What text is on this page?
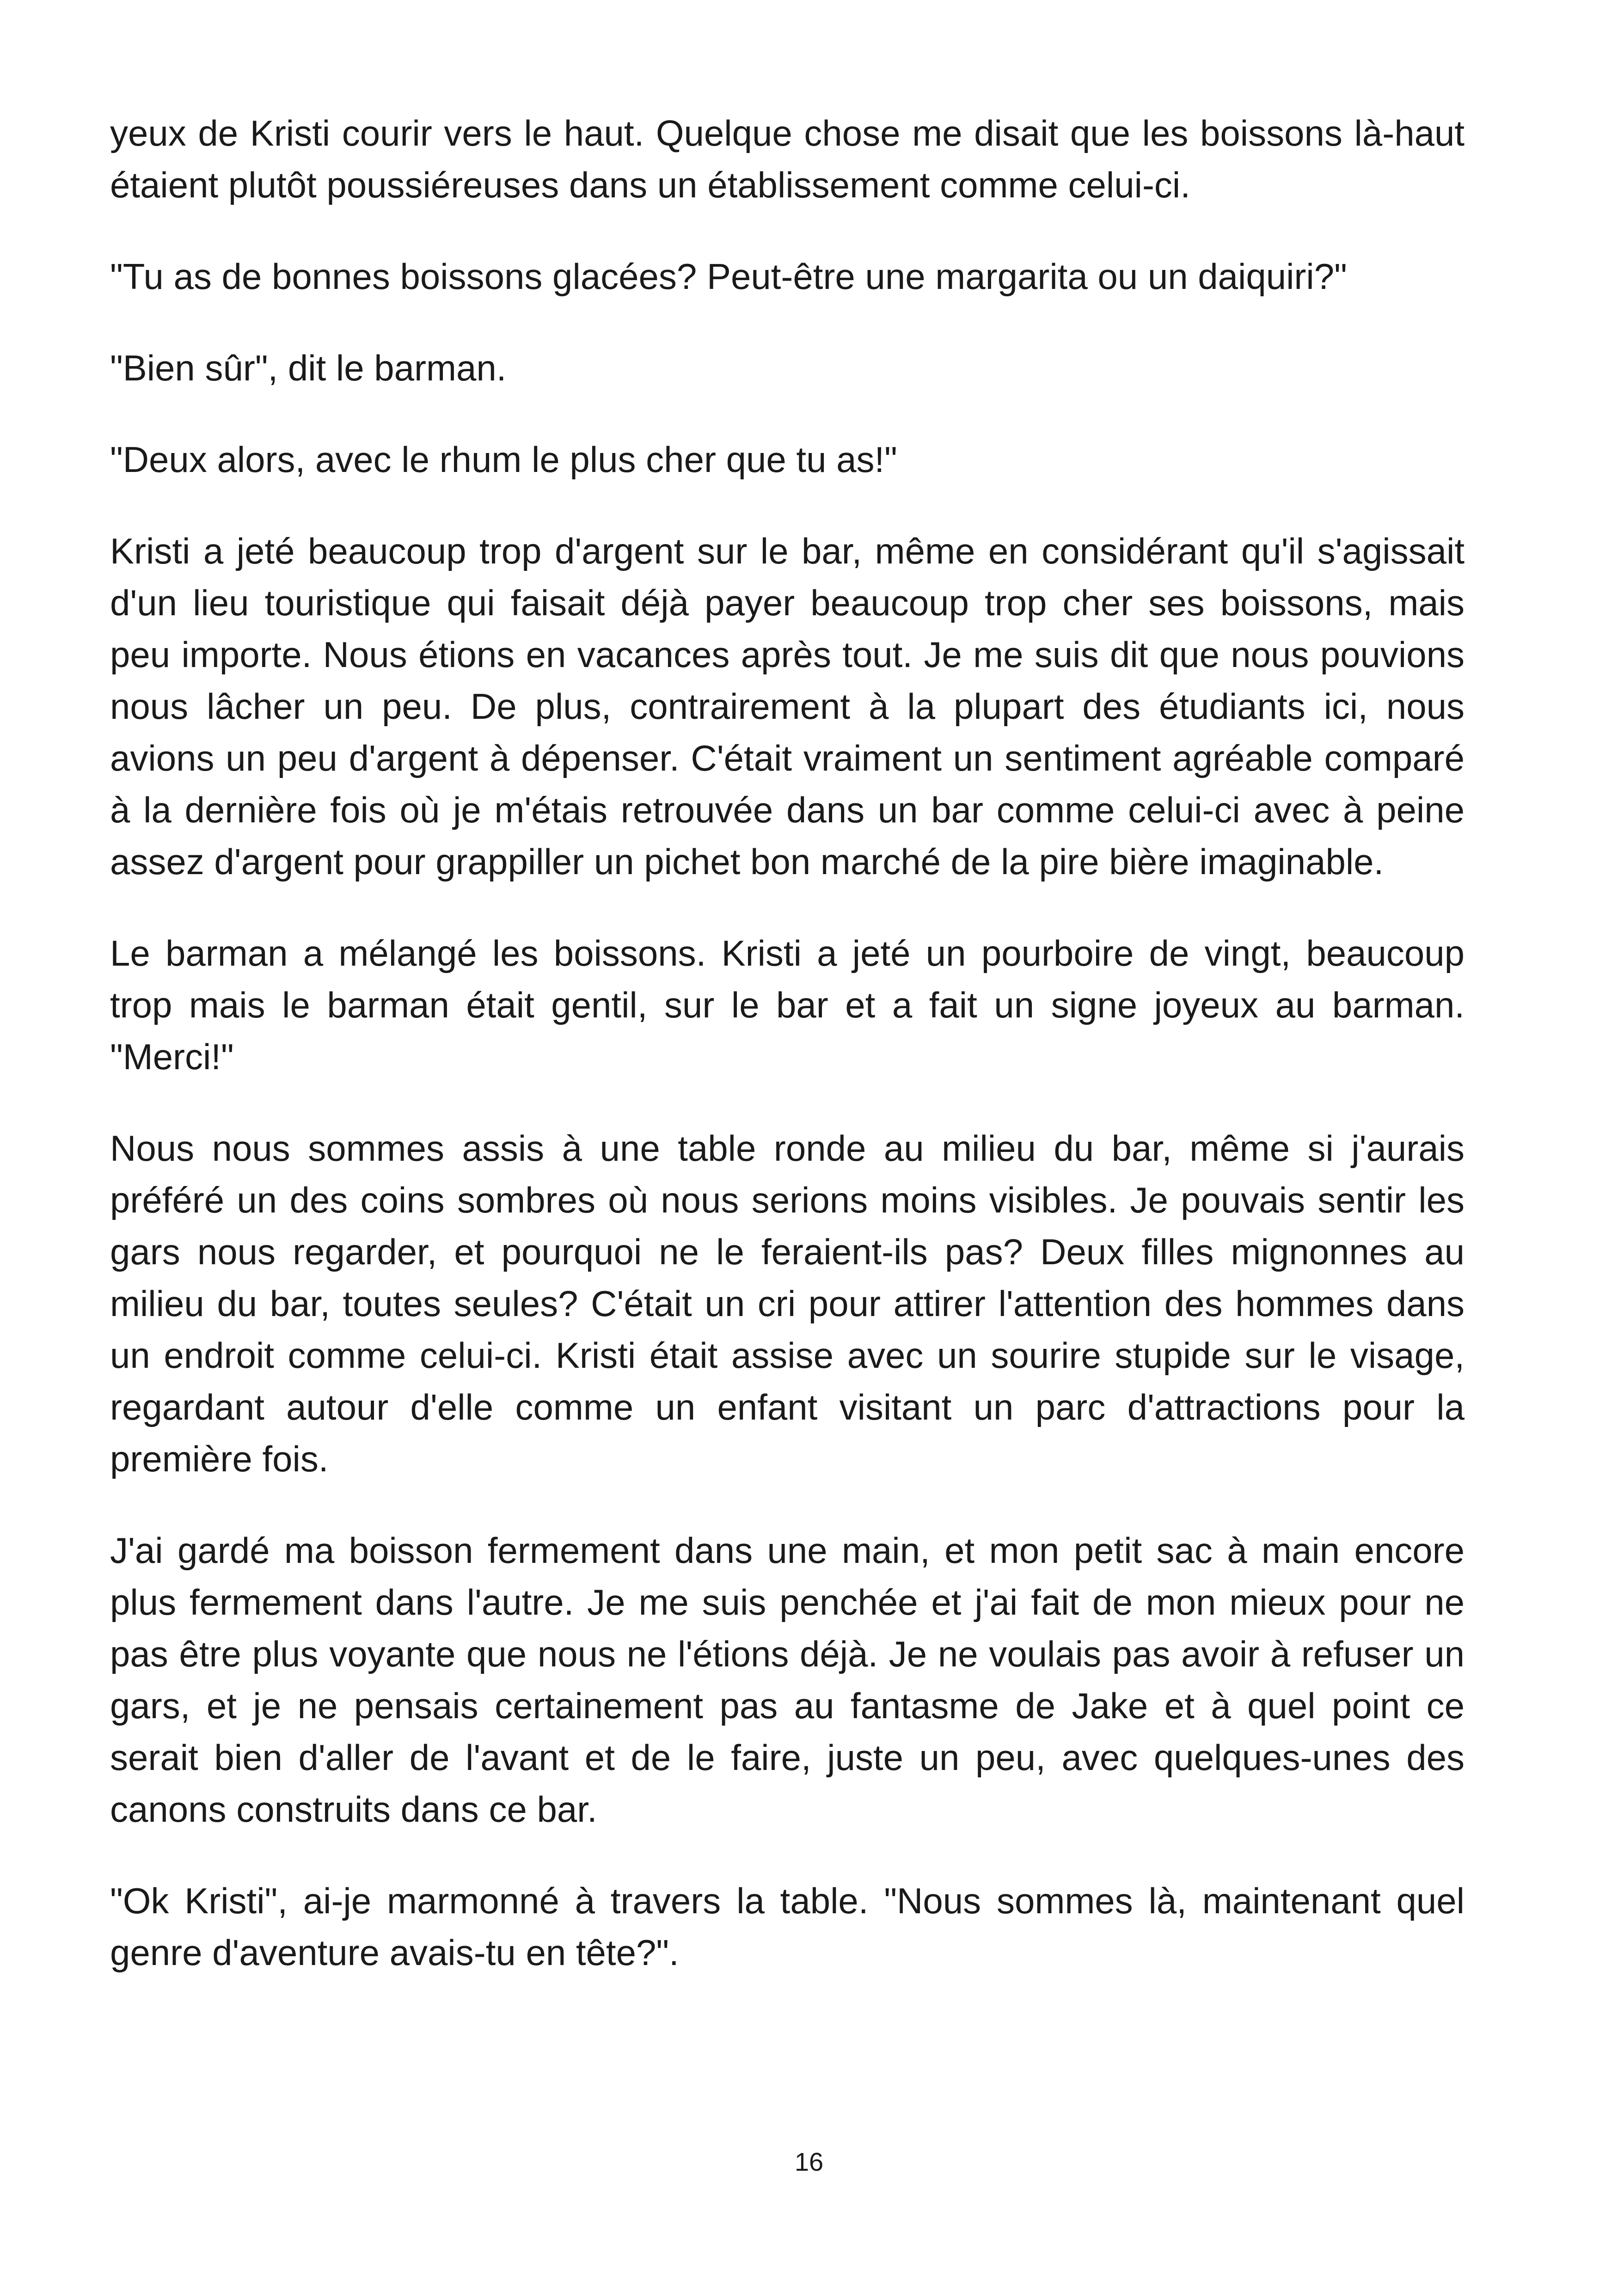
yeux de Kristi courir vers le haut. Quelque chose me disait que les boissons là-haut étaient plutôt poussiéreuses dans un établissement comme celui-ci.

"Tu as de bonnes boissons glacées? Peut-être une margarita ou un daiquiri?"

"Bien sûr", dit le barman.

"Deux alors, avec le rhum le plus cher que tu as!"

Kristi a jeté beaucoup trop d'argent sur le bar, même en considérant qu'il s'agissait d'un lieu touristique qui faisait déjà payer beaucoup trop cher ses boissons, mais peu importe. Nous étions en vacances après tout. Je me suis dit que nous pouvions nous lâcher un peu. De plus, contrairement à la plupart des étudiants ici, nous avions un peu d'argent à dépenser. C'était vraiment un sentiment agréable comparé à la dernière fois où je m'étais retrouvée dans un bar comme celui-ci avec à peine assez d'argent pour grappiller un pichet bon marché de la pire bière imaginable.

Le barman a mélangé les boissons. Kristi a jeté un pourboire de vingt, beaucoup trop mais le barman était gentil, sur le bar et a fait un signe joyeux au barman. "Merci!"

Nous nous sommes assis à une table ronde au milieu du bar, même si j'aurais préféré un des coins sombres où nous serions moins visibles. Je pouvais sentir les gars nous regarder, et pourquoi ne le feraient-ils pas? Deux filles mignonnes au milieu du bar, toutes seules? C'était un cri pour attirer l'attention des hommes dans un endroit comme celui-ci. Kristi était assise avec un sourire stupide sur le visage, regardant autour d'elle comme un enfant visitant un parc d'attractions pour la première fois.

J'ai gardé ma boisson fermement dans une main, et mon petit sac à main encore plus fermement dans l'autre. Je me suis penchée et j'ai fait de mon mieux pour ne pas être plus voyante que nous ne l'étions déjà. Je ne voulais pas avoir à refuser un gars, et je ne pensais certainement pas au fantasme de Jake et à quel point ce serait bien d'aller de l'avant et de le faire, juste un peu, avec quelques-unes des canons construits dans ce bar.

"Ok Kristi", ai-je marmonné à travers la table. "Nous sommes là, maintenant quel genre d'aventure avais-tu en tête?".

16
